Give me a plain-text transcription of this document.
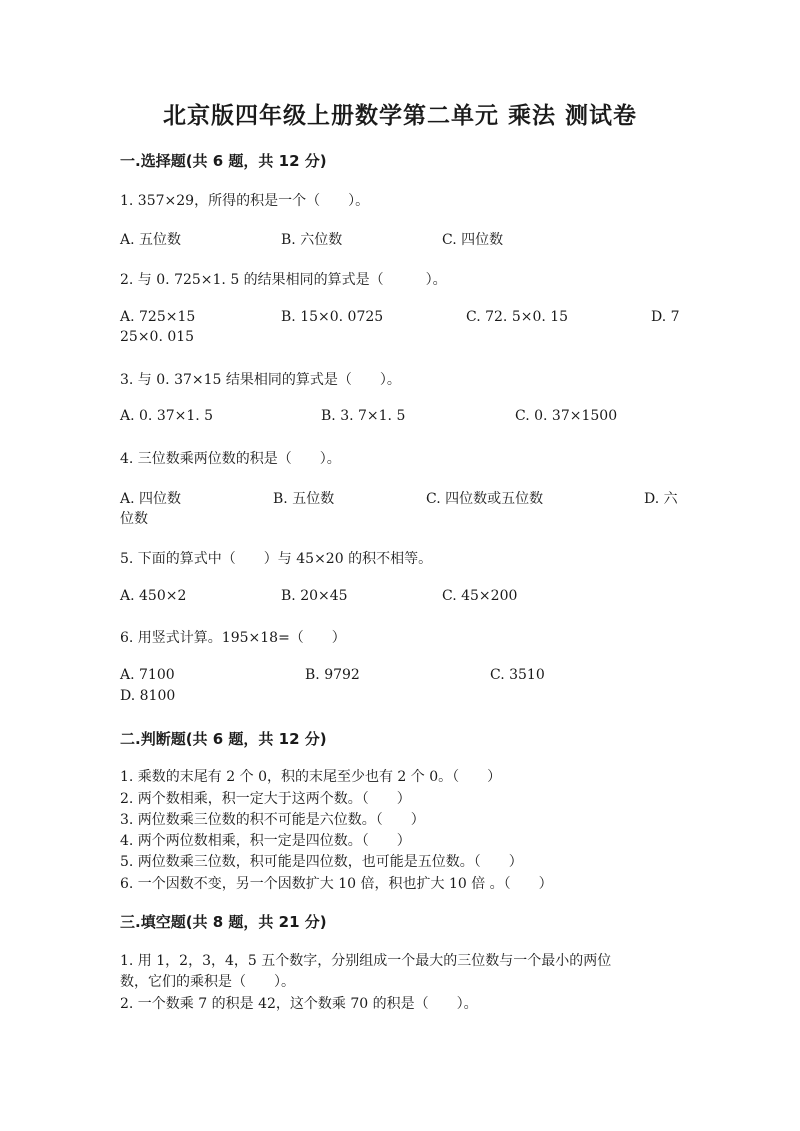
北京版四年级上册数学第二单元 乘法 测试卷
一.选择题(共 6 题，共 12 分)
1. 357×29，所得的积是一个（　　）。
A. 五位数	B. 六位数	C. 四位数
2. 与 0. 725×1. 5 的结果相同的算式是（　　　）。
A. 725×15	B. 15×0. 0725	C. 72. 5×0. 15	D. 7
25×0. 015
3. 与 0. 37×15 结果相同的算式是（　　）。
A. 0. 37×1. 5	B. 3. 7×1. 5	C. 0. 37×1500
4. 三位数乘两位数的积是（　　）。
A. 四位数	B. 五位数	C. 四位数或五位数	D. 六
位数
5. 下面的算式中（　　）与 45×20 的积不相等。
A. 450×2	B. 20×45	C. 45×200
6. 用竖式计算。195×18=（　　）
A. 7100	B. 9792	C. 3510
D. 8100
二.判断题(共 6 题，共 12 分)
1. 乘数的末尾有 2 个 0，积的末尾至少也有 2 个 0。（　　）
2. 两个数相乘，积一定大于这两个数。（　　）
3. 两位数乘三位数的积不可能是六位数。（　　）
4. 两个两位数相乘，积一定是四位数。（　　）
5. 两位数乘三位数，积可能是四位数，也可能是五位数。（　　）
6. 一个因数不变，另一个因数扩大 10 倍，积也扩大 10 倍 。（　　）
三.填空题(共 8 题，共 21 分)
1. 用 1，2，3，4，5 五个数字，分别组成一个最大的三位数与一个最小的两位
数，它们的乘积是（　　）。
2. 一个数乘 7 的积是 42，这个数乘 70 的积是（　　）。
